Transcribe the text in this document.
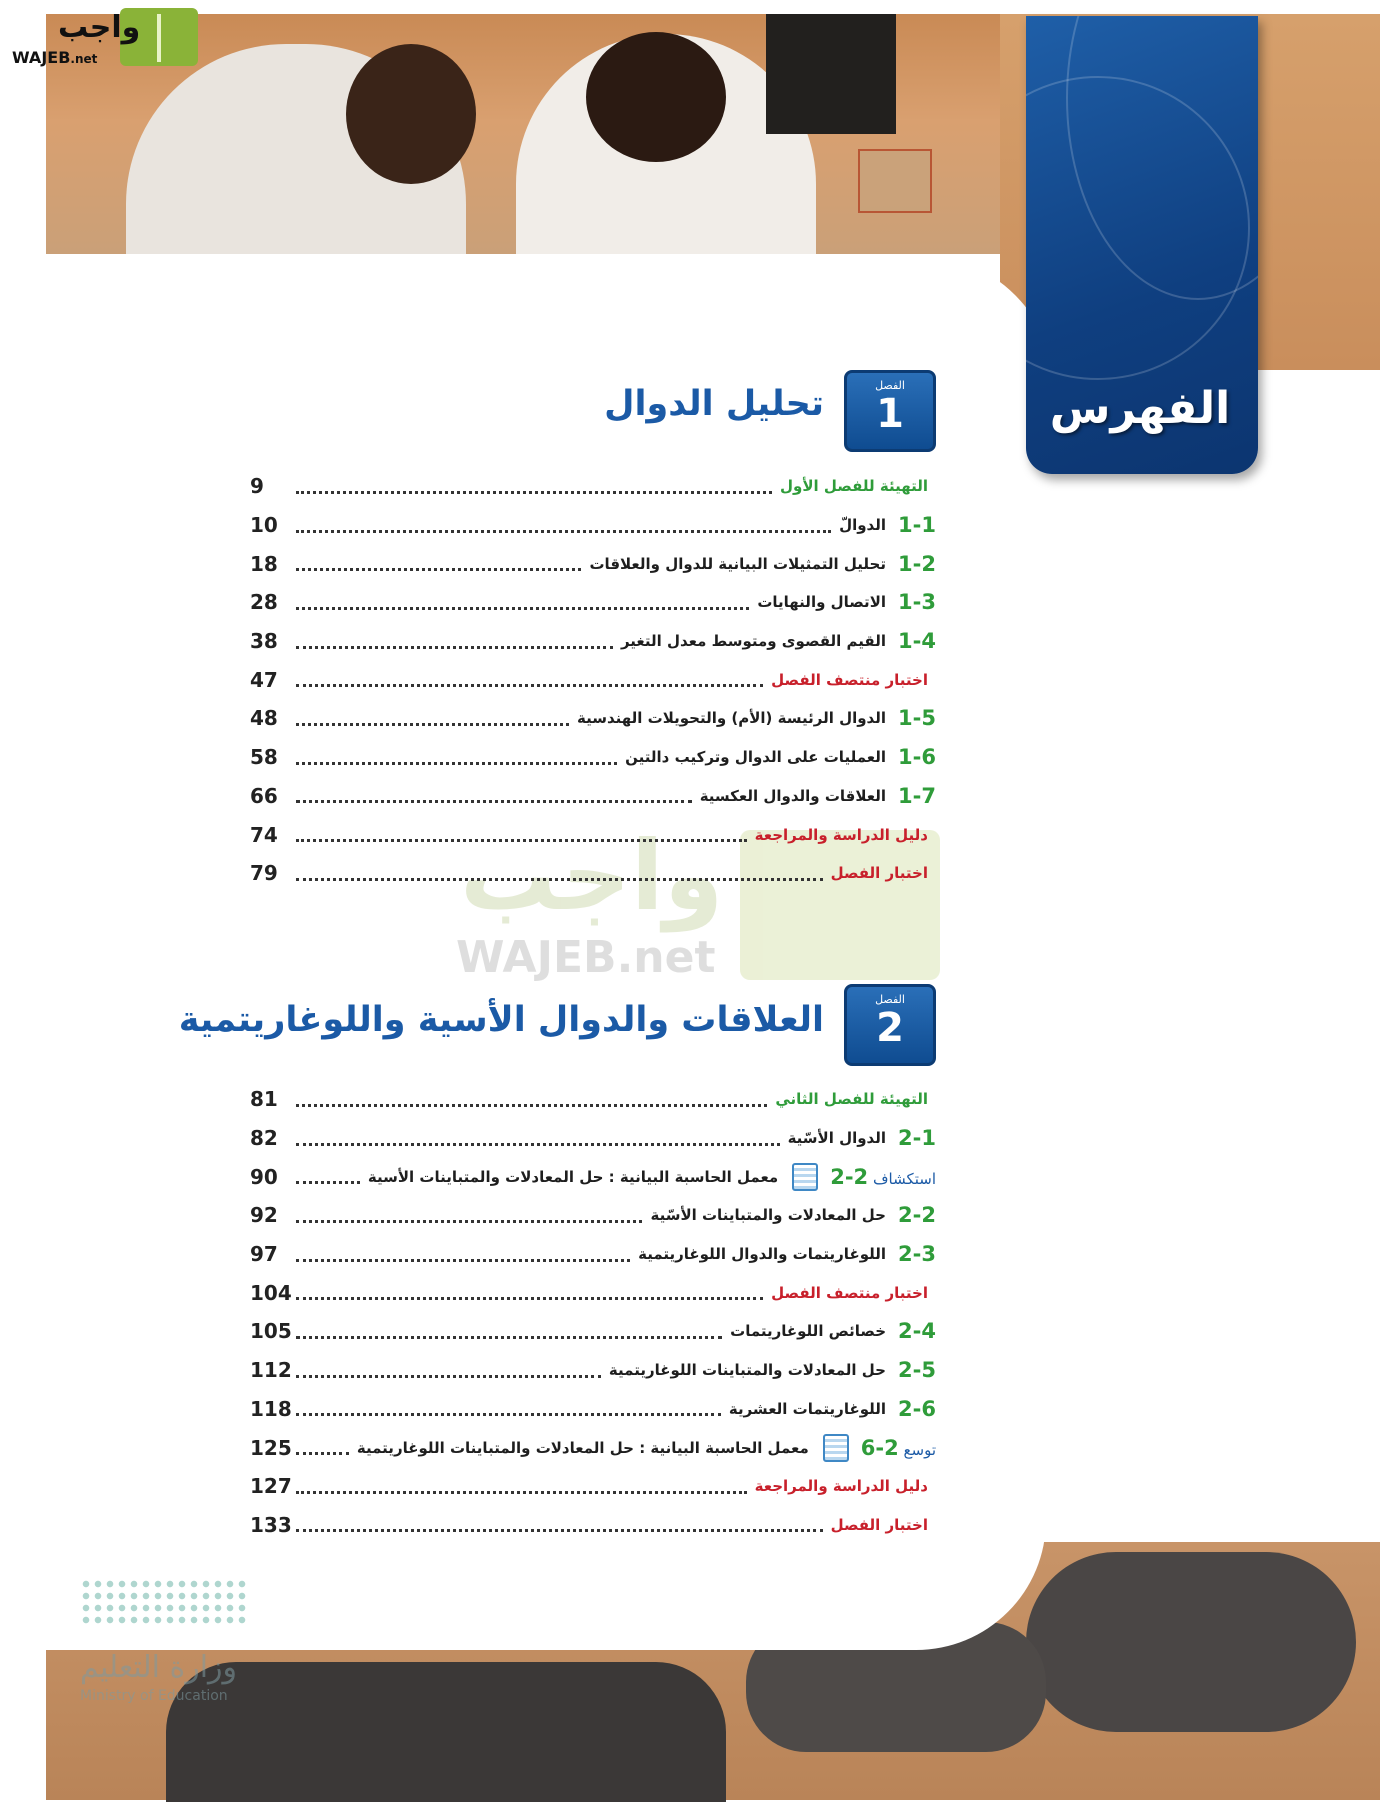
الفهرس
واجب
WAJEB.net
واجب
WAJEB.net
وزارة التعليم
Ministry of Education
الفصل
1
تحليل الدوال
التهيئة للفصل الأول
9
1-1
الدوالّ
10
1-2
تحليل التمثيلات البيانية للدوال والعلاقات
18
1-3
الاتصال والنهايات
28
1-4
القيم القصوى ومتوسط معدل التغير
38
اختبار منتصف الفصل
47
1-5
الدوال الرئيسة (الأم) والتحويلات الهندسية
48
1-6
العمليات على الدوال وتركيب دالتين
58
1-7
العلاقات والدوال العكسية
66
دليل الدراسة والمراجعة
74
اختبار الفصل
79
الفصل
2
العلاقات والدوال الأسية واللوغاريتمية
التهيئة للفصل الثاني
81
2-1
الدوال الأسّية
82
استكشاف 2-2
معمل الحاسبة البيانية : حل المعادلات والمتباينات الأسية
90
2-2
حل المعادلات والمتباينات الأسّية
92
2-3
اللوغاريتمات والدوال اللوغاريتمية
97
اختبار منتصف الفصل
104
2-4
خصائص اللوغاريتمات
105
2-5
حل المعادلات والمتباينات اللوغاريتمية
112
2-6
اللوغاريتمات العشرية
118
توسع 2-6
معمل الحاسبة البيانية : حل المعادلات والمتباينات اللوغاريتمية
125
دليل الدراسة والمراجعة
127
اختبار الفصل
133
